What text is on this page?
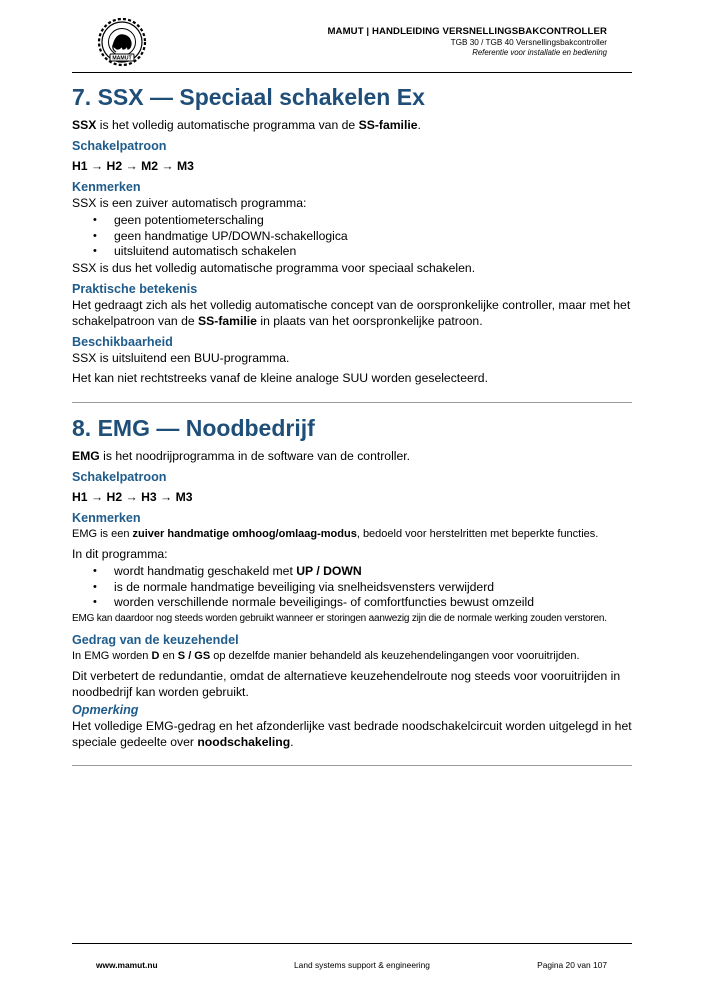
MAMUT
MAMUT | HANDLEIDING VERSNELLINGSBAKCONTROLLER
TGB 30 / TGB 40 Versnellingsbakcontroller
Referentie voor installatie en bediening
7. SSX — Speciaal schakelen Ex

SSX is het volledig automatische programma van de SS-familie.

Schakelpatroon
H1 → H2 → M2 → M3
Kenmerken

SSX is een zuiver automatisch programma:

• geen potentiometerschaling
• geen handmatige UP/DOWN-schakellogica
• uitsluitend automatisch schakelen

SSX is dus het volledig automatische programma voor speciaal schakelen.

Praktische betekenis

Het gedraagt zich als het volledig automatische concept van de oorspronkelijke controller, maar met het schakelpatroon van de SS-familie in plaats van het oorspronkelijke patroon.

Beschikbaarheid

SSX is uitsluitend een BUU-programma.

Het kan niet rechtstreeks vanaf de kleine analoge SUU worden geselecteerd.

8. EMG — Noodbedrijf

EMG is het noodrijprogramma in de software van de controller.

Schakelpatroon
H1 → H2 → H3 → M3
Kenmerken

EMG is een zuiver handmatige omhoog/omlaag-modus, bedoeld voor herstelritten met beperkte functies.

In dit programma:

• wordt handmatig geschakeld met UP / DOWN
• is de normale handmatige beveiliging via snelheidsvensters verwijderd
• worden verschillende normale beveiligings- of comfortfuncties bewust omzeild

EMG kan daardoor nog steeds worden gebruikt wanneer er storingen aanwezig zijn die de normale werking zouden verstoren.

Gedrag van de keuzehendel

In EMG worden D en S / GS op dezelfde manier behandeld als keuzehendelingangen voor vooruitrijden.

Dit verbetert de redundantie, omdat de alternatieve keuzehendelroute nog steeds voor vooruitrijden in noodbedrijf kan worden gebruikt.

Opmerking

Het volledige EMG-gedrag en het afzonderlijke vast bedrade noodschakelcircuit worden uitgelegd in het speciale gedeelte over noodschakeling.

www.mamut.nu	Land systems support & engineering	Pagina 20 van 107
